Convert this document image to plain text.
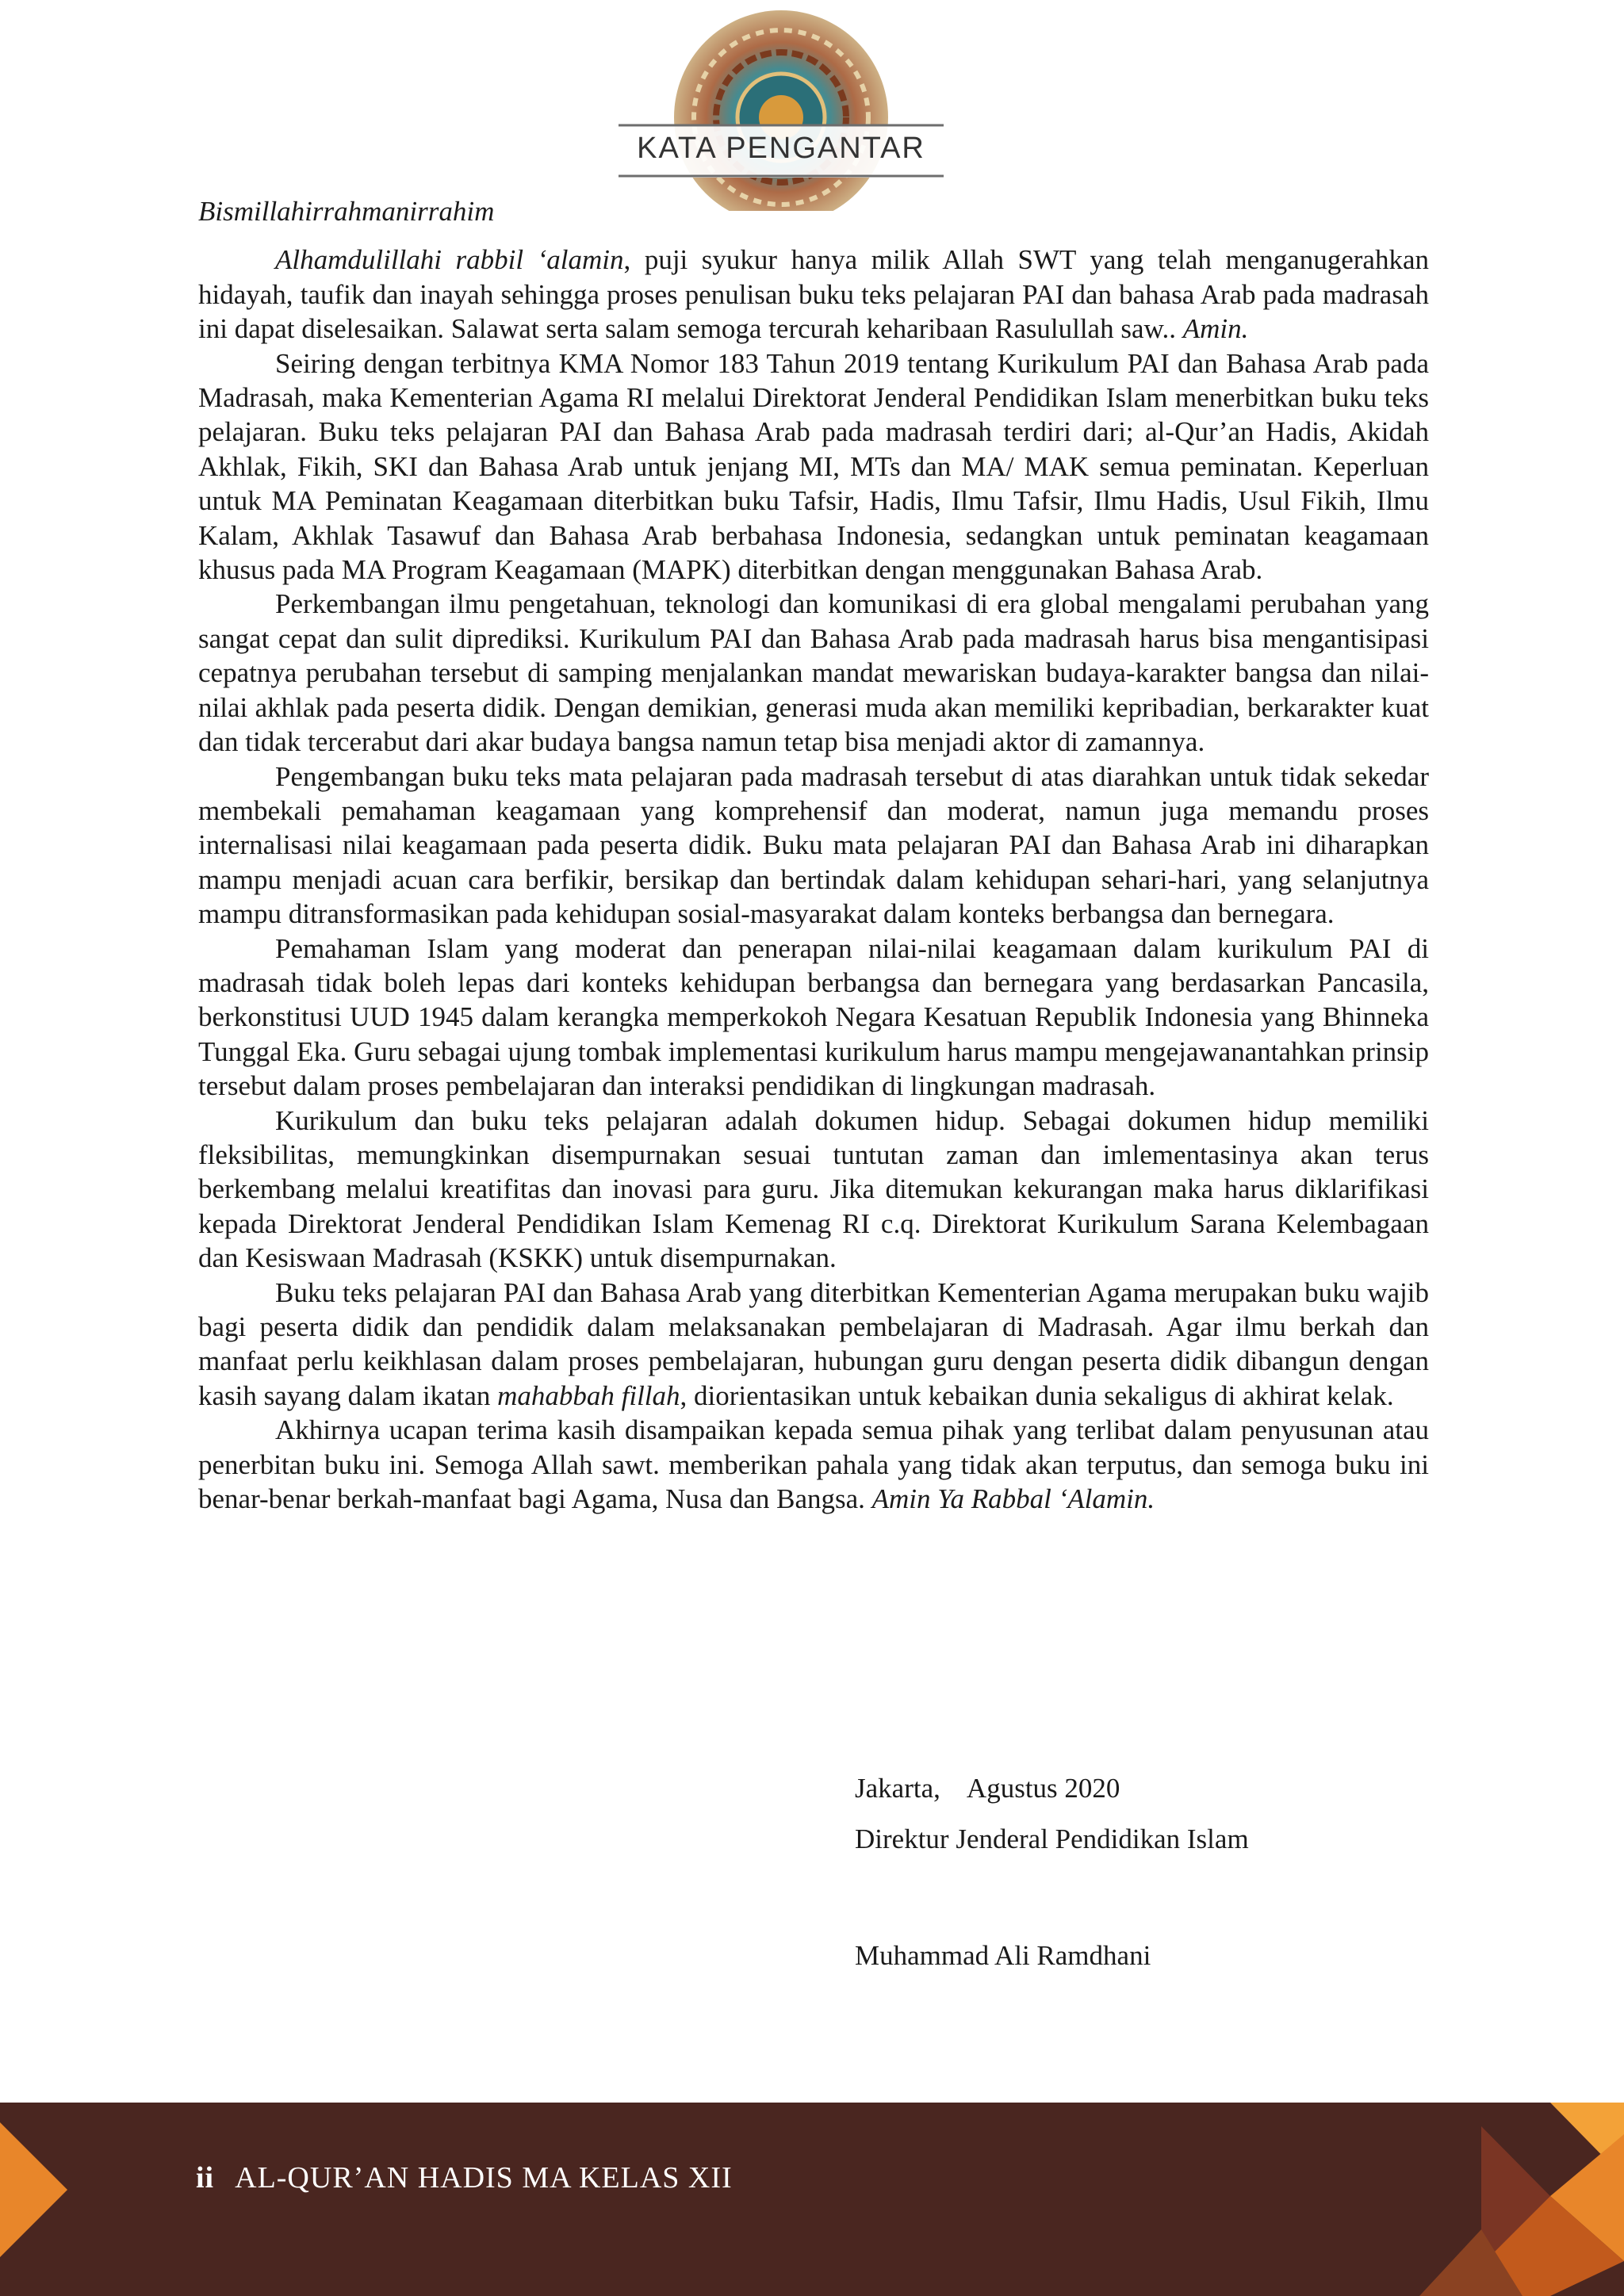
KATA PENGANTAR

Bismillahirrahmanirrahim

Alhamdulillahi rabbil ‘alamin, puji syukur hanya milik Allah SWT yang telah menganugerahkan hidayah, taufik dan inayah sehingga proses penulisan buku teks pelajaran PAI dan bahasa Arab pada madrasah ini dapat diselesaikan. Salawat serta salam semoga tercurah keharibaan Rasulullah saw.. Amin.

Seiring dengan terbitnya KMA Nomor 183 Tahun 2019 tentang Kurikulum PAI dan Bahasa Arab pada Madrasah, maka Kementerian Agama RI melalui Direktorat Jenderal Pendidikan Islam menerbitkan buku teks pelajaran. Buku teks pelajaran PAI dan Bahasa Arab pada madrasah terdiri dari; al-Qur’an Hadis, Akidah Akhlak, Fikih, SKI dan Bahasa Arab untuk jenjang MI, MTs dan MA/ MAK semua peminatan. Keperluan untuk MA Peminatan Keagamaan diterbitkan buku Tafsir, Hadis, Ilmu Tafsir, Ilmu Hadis, Usul Fikih, Ilmu Kalam, Akhlak Tasawuf dan Bahasa Arab berbahasa Indonesia, sedangkan untuk peminatan keagamaan khusus pada MA Program Keagamaan (MAPK) diterbitkan dengan menggunakan Bahasa Arab.

Perkembangan ilmu pengetahuan, teknologi dan komunikasi di era global mengalami perubahan yang sangat cepat dan sulit diprediksi. Kurikulum PAI dan Bahasa Arab pada madrasah harus bisa mengantisipasi cepatnya perubahan tersebut di samping menjalankan mandat mewariskan budaya-karakter bangsa dan nilai-nilai akhlak pada peserta didik. Dengan demikian, generasi muda akan memiliki kepribadian, berkarakter kuat dan tidak tercerabut dari akar budaya bangsa namun tetap bisa menjadi aktor di zamannya.

Pengembangan buku teks mata pelajaran pada madrasah tersebut di atas diarahkan untuk tidak sekedar membekali pemahaman keagamaan yang komprehensif dan moderat, namun juga memandu proses internalisasi nilai keagamaan pada peserta didik. Buku mata pelajaran PAI dan Bahasa Arab ini diharapkan mampu menjadi acuan cara berfikir, bersikap dan bertindak dalam kehidupan sehari-hari, yang selanjutnya mampu ditransformasikan pada kehidupan sosial-masyarakat dalam konteks berbangsa dan bernegara.

Pemahaman Islam yang moderat dan penerapan nilai-nilai keagamaan dalam kurikulum PAI di madrasah tidak boleh lepas dari konteks kehidupan berbangsa dan bernegara yang berdasarkan Pancasila, berkonstitusi UUD 1945 dalam kerangka memperkokoh Negara Kesatuan Republik Indonesia yang Bhinneka Tunggal Eka. Guru sebagai ujung tombak implementasi kurikulum harus mampu mengejawanantahkan prinsip tersebut dalam proses pembelajaran dan interaksi pendidikan di lingkungan madrasah.

Kurikulum dan buku teks pelajaran adalah dokumen hidup. Sebagai dokumen hidup memiliki fleksibilitas, memungkinkan disempurnakan sesuai tuntutan zaman dan imlementasinya akan terus berkembang melalui kreatifitas dan inovasi para guru. Jika ditemukan kekurangan maka harus diklarifikasi kepada Direktorat Jenderal Pendidikan Islam Kemenag RI c.q. Direktorat Kurikulum Sarana Kelembagaan dan Kesiswaan Madrasah (KSKK) untuk disempurnakan.

Buku teks pelajaran PAI dan Bahasa Arab yang diterbitkan Kementerian Agama merupakan buku wajib bagi peserta didik dan pendidik dalam melaksanakan pembelajaran di Madrasah. Agar ilmu berkah dan manfaat perlu keikhlasan dalam proses pembelajaran, hubungan guru dengan peserta didik dibangun dengan kasih sayang dalam ikatan mahabbah fillah, diorientasikan untuk kebaikan dunia sekaligus di akhirat kelak.

Akhirnya ucapan terima kasih disampaikan kepada semua pihak yang terlibat dalam penyusunan atau penerbitan buku ini. Semoga Allah sawt. memberikan pahala yang tidak akan terputus, dan semoga buku ini benar-benar berkah-manfaat bagi Agama, Nusa dan Bangsa. Amin Ya Rabbal ‘Alamin.

Jakarta,    Agustus 2020
Direktur Jenderal Pendidikan Islam
Muhammad Ali Ramdhani
ii AL-QUR’AN HADIS MA KELAS XII
